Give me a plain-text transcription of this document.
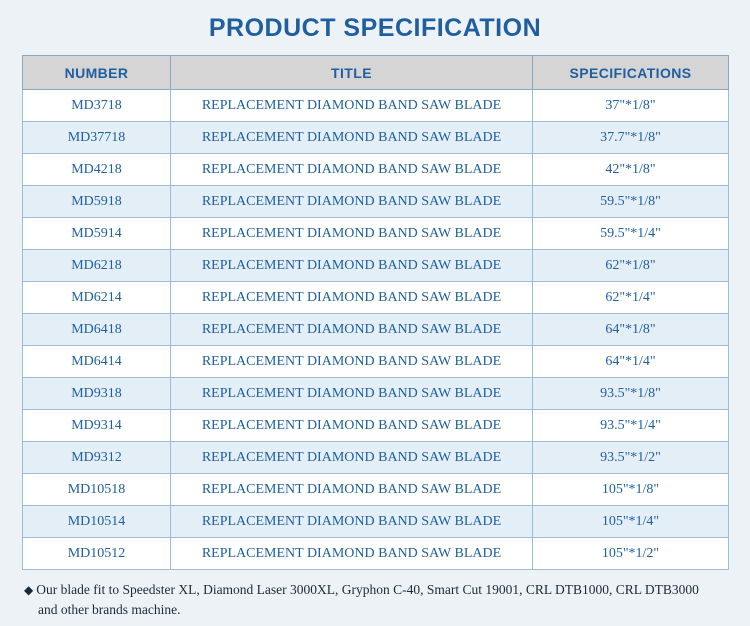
PRODUCT SPECIFICATION
NUMBER	TITLE	SPECIFICATIONS
MD3718	REPLACEMENT DIAMOND BAND SAW BLADE	37"*1/8"
MD37718	REPLACEMENT DIAMOND BAND SAW BLADE	37.7"*1/8"
MD4218	REPLACEMENT DIAMOND BAND SAW BLADE	42"*1/8"
MD5918	REPLACEMENT DIAMOND BAND SAW BLADE	59.5"*1/8"
MD5914	REPLACEMENT DIAMOND BAND SAW BLADE	59.5"*1/4"
MD6218	REPLACEMENT DIAMOND BAND SAW BLADE	62"*1/8"
MD6214	REPLACEMENT DIAMOND BAND SAW BLADE	62"*1/4"
MD6418	REPLACEMENT DIAMOND BAND SAW BLADE	64"*1/8"
MD6414	REPLACEMENT DIAMOND BAND SAW BLADE	64"*1/4"
MD9318	REPLACEMENT DIAMOND BAND SAW BLADE	93.5"*1/8"
MD9314	REPLACEMENT DIAMOND BAND SAW BLADE	93.5"*1/4"
MD9312	REPLACEMENT DIAMOND BAND SAW BLADE	93.5"*1/2"
MD10518	REPLACEMENT DIAMOND BAND SAW BLADE	105"*1/8"
MD10514	REPLACEMENT DIAMOND BAND SAW BLADE	105"*1/4"
MD10512	REPLACEMENT DIAMOND BAND SAW BLADE	105"*1/2"
◆ Our blade fit to Speedster XL, Diamond Laser 3000XL, Gryphon C-40, Smart Cut 19001, CRL DTB1000, CRL DTB3000
and other brands machine.
